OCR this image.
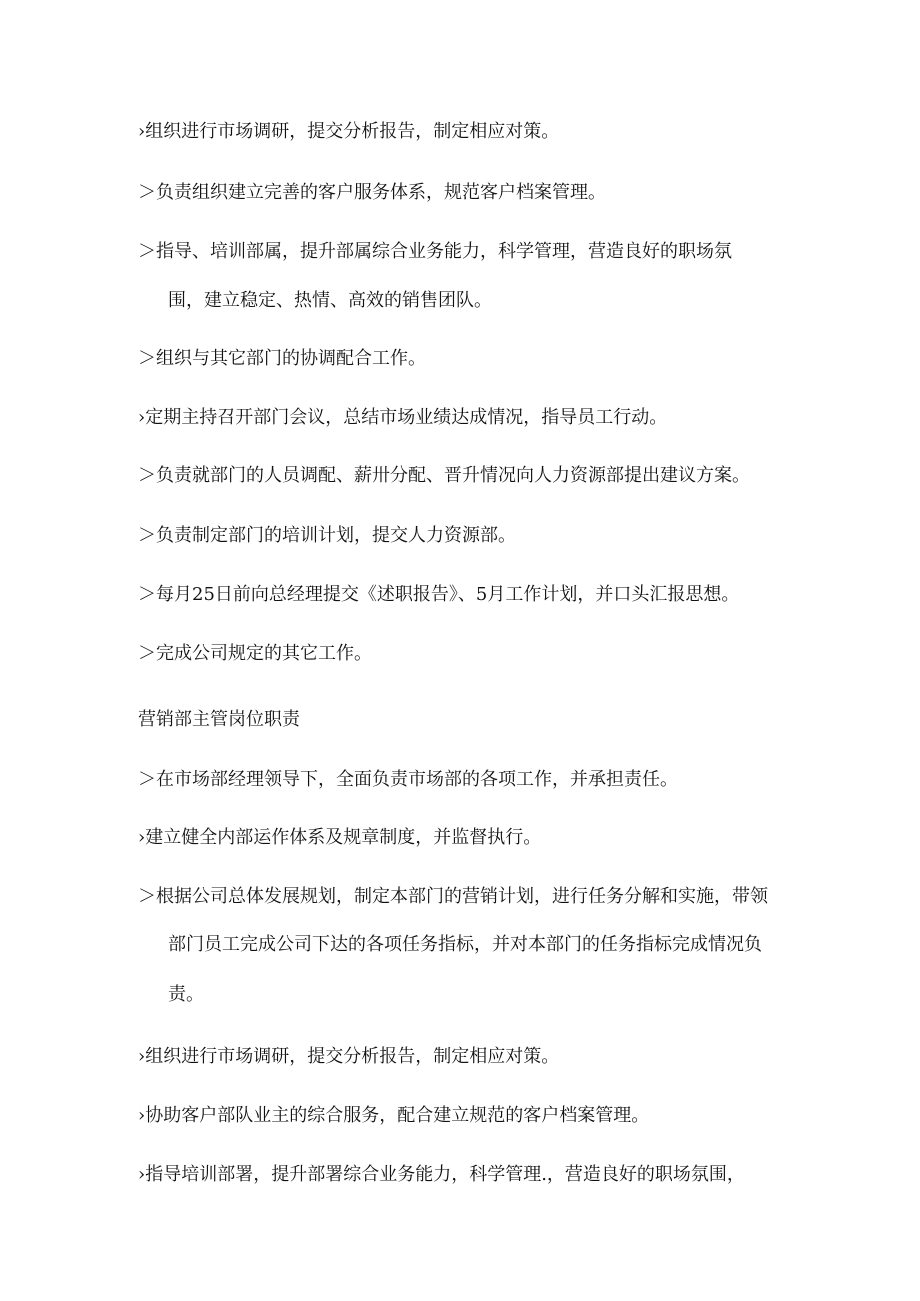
›组织进行市场调研，提交分析报告，制定相应对策。
＞负责组织建立完善的客户服务体系，规范客户档案管理。
＞指导、培训部属，提升部属综合业务能力，科学管理，营造良好的职场氛
围，建立稳定、热情、高效的销售团队。
＞组织与其它部门的协调配合工作。
›定期主持召开部门会议，总结市场业绩达成情况，指导员工行动。
＞负责就部门的人员调配、薪卅分配、晋升情况向人力资源部提出建议方案。
＞负责制定部门的培训计划，提交人力资源部。
＞每月25日前向总经理提交《述职报告》、5月工作计划，并口头汇报思想。
＞完成公司规定的其它工作。
营销部主管岗位职责
＞在市场部经理领导下，全面负责市场部的各项工作，并承担责任。
›建立健全内部运作体系及规章制度，并监督执行。
＞根据公司总体发展规划，制定本部门的营销计划，进行任务分解和实施，带领
部门员工完成公司下达的各项任务指标，并对本部门的任务指标完成情况负
责。
›组织进行市场调研，提交分析报告，制定相应对策。
›协助客户部队业主的综合服务，配合建立规范的客户档案管理。
›指导培训部署，提升部署综合业务能力，科学管理.，营造良好的职场氛围，
